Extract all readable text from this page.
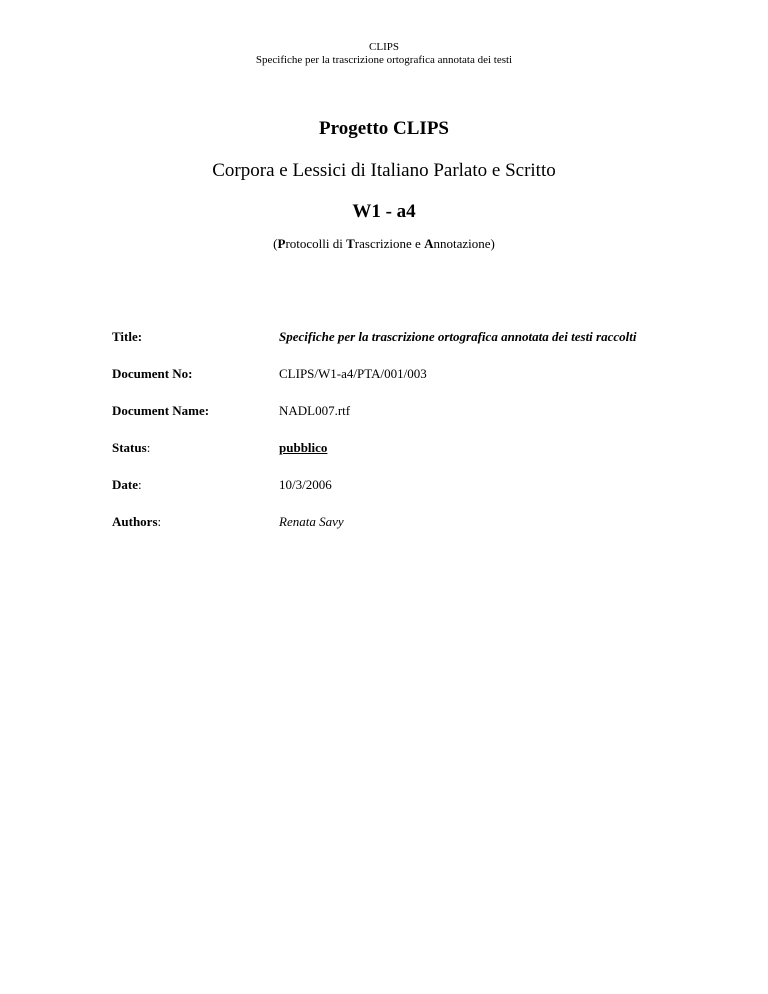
CLIPS
Specifiche per la trascrizione ortografica annotata dei testi
Progetto CLIPS
Corpora e Lessici di Italiano Parlato e Scritto
W1 - a4
(Protocolli di Trascrizione e Annotazione)
Title:	Specifiche per la trascrizione ortografica annotata dei testi raccolti
Document No:	CLIPS/W1-a4/PTA/001/003
Document Name:	NADL007.rtf
Status:	pubblico
Date:	10/3/2006
Authors:	Renata Savy
